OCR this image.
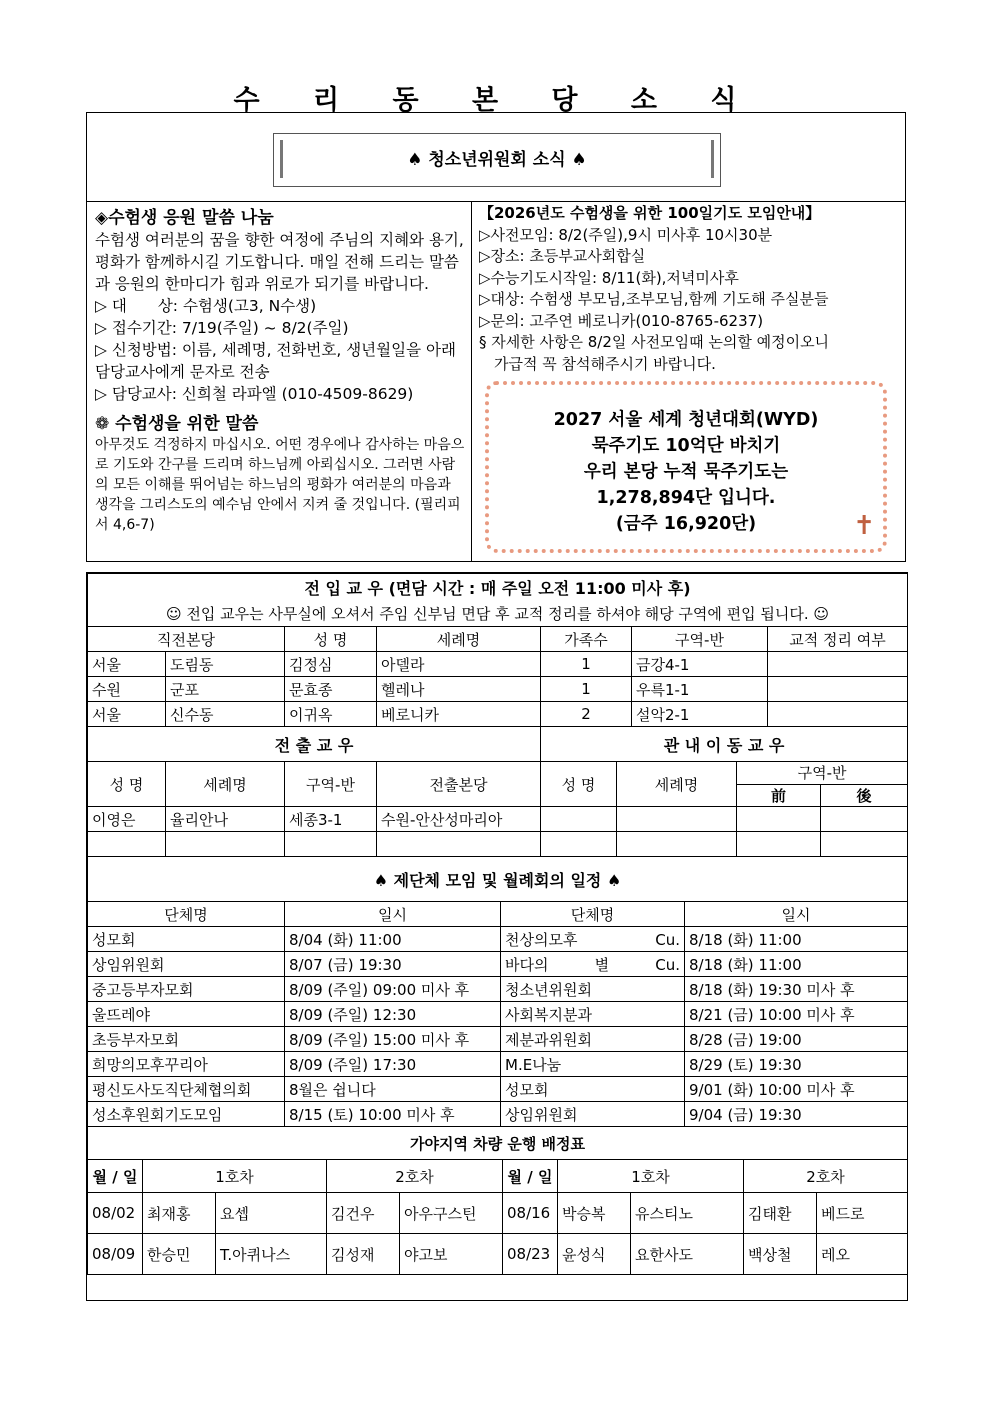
수 리 동 본 당 소 식
♠ 청소년위원회 소식 ♠

◈수험생 응원 말씀 나눔

수험생 여러분의 꿈을 향한 여정에 주님의 지혜와 용기, 평화가 함께하시길 기도합니다. 매일 전해 드리는 말씀과 응원의 한마디가 힘과 위로가 되기를 바랍니다.

▷ 대　　상: 수험생(고3, N수생)

▷ 접수기간: 7/19(주일) ~ 8/2(주일)

▷ 신청방법: 이름, 세례명, 전화번호, 생년월일을 아래 담당교사에게 문자로 전송

▷ 담당교사: 신희철 라파엘 (010-4509-8629)

❁ 수험생을 위한 말씀

아무것도 걱정하지 마십시오. 어떤 경우에나 감사하는 마음으로 기도와 간구를 드리며 하느님께 아뢰십시오. 그러면 사람의 모든 이해를 뛰어넘는 하느님의 평화가 여러분의 마음과 생각을 그리스도의 예수님 안에서 지켜 줄 것입니다. (필리피서 4,6-7)

【2026년도 수험생을 위한 100일기도 모임안내】

▷사전모임: 8/2(주일),9시 미사후 10시30분

▷장소: 초등부교사회합실

▷수능기도시작일: 8/11(화),저녁미사후

▷대상: 수험생 부모님,조부모님,함께 기도해 주실분들

▷문의: 고주연 베로니카(010-8765-6237)

§ 자세한 사항은 8/2일 사전모임때 논의할 예정이오니

　가급적 꼭 참석해주시기 바랍니다.

2027 서울 세계 청년대회(WYD)

묵주기도 10억단 바치기

우리 본당 누적 묵주기도는

1,278,894단 입니다.

(금주 16,920단)	✝
전 입 교 우 (면담 시간 : 매 주일 오전 11:00 미사 후)						
☺ 전입 교우는 사무실에 오셔서 주임 신부님 면담 후 교적 정리를 하셔야 해당 구역에 편입 됩니다. ☺						
직전본당		성 명	세례명	가족수	구역-반	교적 정리 여부
서울	도림동	김정심	아델라	1	금강4-1	
수원	군포	문효종	헬레나	1	우륵1-1	
서울	신수동	이귀옥	베로니카	2	설악2-1	
전 출 교 우				관 내 이 동 교 우			
성 명	세례명	구역-반	전출본당	성 명	세례명	구역-반	
						前	後
이영은	율리안나	세종3-1	수원-안산성마리아				

♠ 제단체 모임 및 월례회의 일정 ♠			
단체명	일시	단체명	일시
성모회	8/04 (화) 11:00	천상의모후 Cu.	8/18 (화) 11:00
상임위원회	8/07 (금) 19:30	바다의 별 Cu.	8/18 (화) 11:00
중고등부자모회	8/09 (주일) 09:00 미사 후	청소년위원회	8/18 (화) 19:30 미사 후
울뜨레야	8/09 (주일) 12:30	사회복지분과	8/21 (금) 10:00 미사 후
초등부자모회	8/09 (주일) 15:00 미사 후	제분과위원회	8/28 (금) 19:00
희망의모후꾸리아	8/09 (주일) 17:30	M.E나눔	8/29 (토) 19:30
평신도사도직단체협의회	8월은 쉽니다	성모회	9/01 (화) 10:00 미사 후
성소후원회기도모임	8/15 (토) 10:00 미사 후	상임위원회	9/04 (금) 19:30
가야지역 차량 운행 배정표									
월 / 일	1호차		2호차		월 / 일	1호차		2호차	
08/02	최재홍	요셉	김건우	아우구스틴	08/16	박승복	유스티노	김태환	베드로
08/09	한승민	T.아퀴나스	김성재	야고보	08/23	윤성식	요한사도	백상철	레오
